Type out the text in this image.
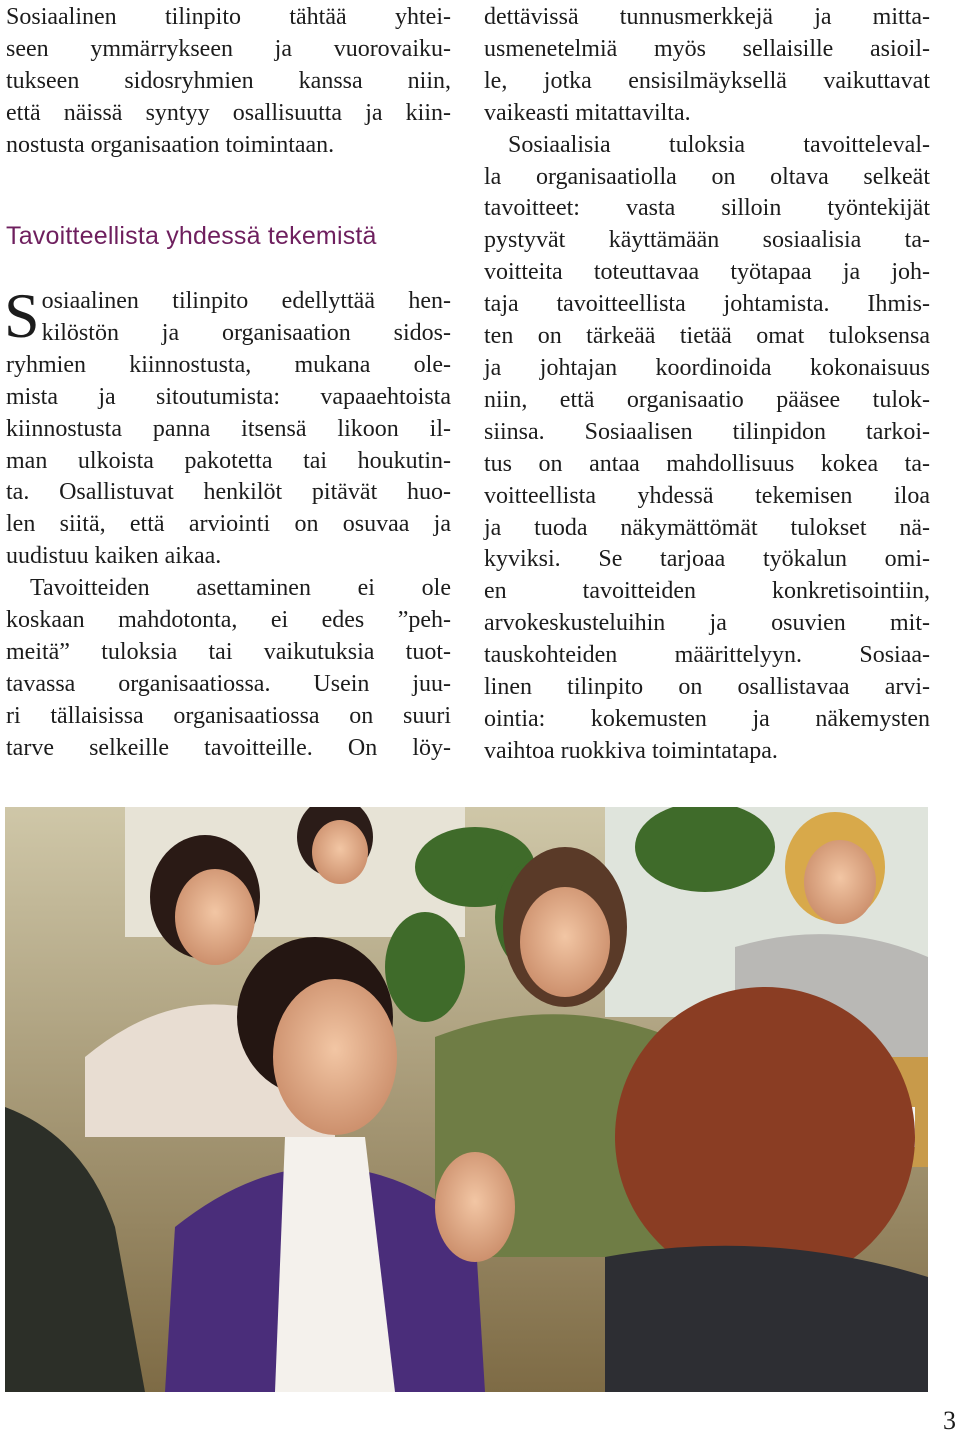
Sosiaalinen tilinpito tähtää yhtei-
seen ymmärrykseen ja vuorovaiku-
tukseen sidosryhmien kanssa niin,
että näissä syntyy osallisuutta ja kiin-
nostusta organisaation toimintaan.

Tavoitteellista yhdessä tekemistä

S osiaalinen tilinpito edellyttää hen-
kilöstön ja organisaation sidos-
ryhmien kiinnostusta, mukana ole-
mista ja sitoutumista: vapaaehtoista
kiinnostusta panna itsensä likoon il-
man ulkoista pakotetta tai houkutin-
ta. Osallistuvat henkilöt pitävät huo-
len siitä, että arviointi on osuvaa ja
uudistuu kaiken aikaa.

Tavoitteiden asettaminen ei ole
koskaan mahdotonta, ei edes ”peh-
meitä” tuloksia tai vaikutuksia tuot-
tavassa organisaatiossa. Usein juu-
ri tällaisissa organisaatiossa on suuri
tarve selkeille tavoitteille. On löy-

dettävissä tunnusmerkkejä ja mitta-
usmenetelmiä myös sellaisille asioil-
le, jotka ensisilmäyksellä vaikuttavat
vaikeasti mitattavilta.

Sosiaalisia tuloksia tavoitteleval-
la organisaatiolla on oltava selkeät
tavoitteet: vasta silloin työntekijät
pystyvät käyttämään sosiaalisia ta-
voitteita toteuttavaa työtapaa ja joh-
taja tavoitteellista johtamista. Ihmis-
ten on tärkeää tietää omat tuloksensa
ja johtajan koordinoida kokonaisuus
niin, että organisaatio pääsee tulok-
siinsa. Sosiaalisen tilinpidon tarkoi-
tus on antaa mahdollisuus kokea ta-
voitteellista yhdessä tekemisen iloa
ja tuoda näkymättömät tulokset nä-
kyviksi. Se tarjoaa työkalun omi-
en tavoitteiden konkretisointiin,
arvokeskusteluihin ja osuvien mit-
tauskohteiden määrittelyyn. Sosiaa-
linen tilinpito on osallistavaa arvi-
ointia: kokemusten ja näkemysten
vaihtoa ruokkiva toimintatapa.

3
